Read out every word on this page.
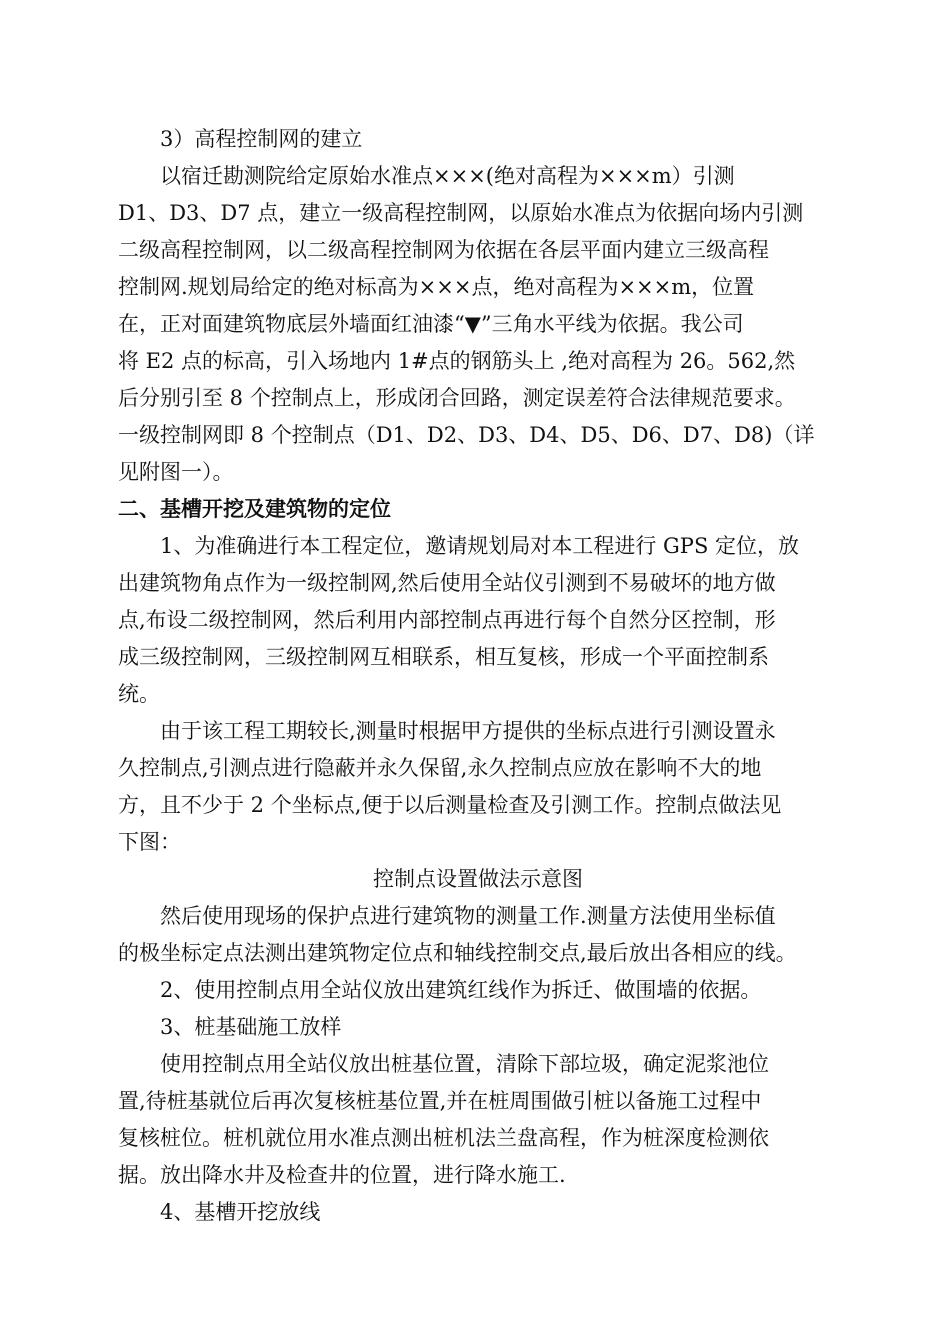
3）高程控制网的建立
以宿迁勘测院给定原始水准点×××(绝对高程为×××m）引测
D1、D3、D7 点，建立一级高程控制网，以原始水准点为依据向场内引测
二级高程控制网，以二级高程控制网为依据在各层平面内建立三级高程
控制网.规划局给定的绝对标高为×××点，绝对高程为×××m，位置
在，正对面建筑物底层外墙面红油漆“▼”三角水平线为依据。我公司
将 E2 点的标高，引入场地内 1#点的钢筋头上 ,绝对高程为 26。562,然
后分别引至 8 个控制点上，形成闭合回路，测定误差符合法律规范要求。
一级控制网即 8 个控制点（D1、D2、D3、D4、D5、D6、D7、D8)（详
见附图一）。
二、基槽开挖及建筑物的定位
1、为准确进行本工程定位，邀请规划局对本工程进行 GPS 定位，放
出建筑物角点作为一级控制网,然后使用全站仪引测到不易破坏的地方做
点,布设二级控制网，然后利用内部控制点再进行每个自然分区控制，形
成三级控制网，三级控制网互相联系，相互复核，形成一个平面控制系
统。
由于该工程工期较长,测量时根据甲方提供的坐标点进行引测设置永
久控制点,引测点进行隐蔽并永久保留,永久控制点应放在影响不大的地
方，且不少于 2 个坐标点,便于以后测量检查及引测工作。控制点做法见
下图：
控制点设置做法示意图
然后使用现场的保护点进行建筑物的测量工作.测量方法使用坐标值
的极坐标定点法测出建筑物定位点和轴线控制交点,最后放出各相应的线。
2、使用控制点用全站仪放出建筑红线作为拆迁、做围墙的依据。
3、桩基础施工放样
使用控制点用全站仪放出桩基位置，清除下部垃圾，确定泥浆池位
置,待桩基就位后再次复核桩基位置,并在桩周围做引桩以备施工过程中
复核桩位。桩机就位用水准点测出桩机法兰盘高程，作为桩深度检测依
据。放出降水井及检查井的位置，进行降水施工.
4、基槽开挖放线
